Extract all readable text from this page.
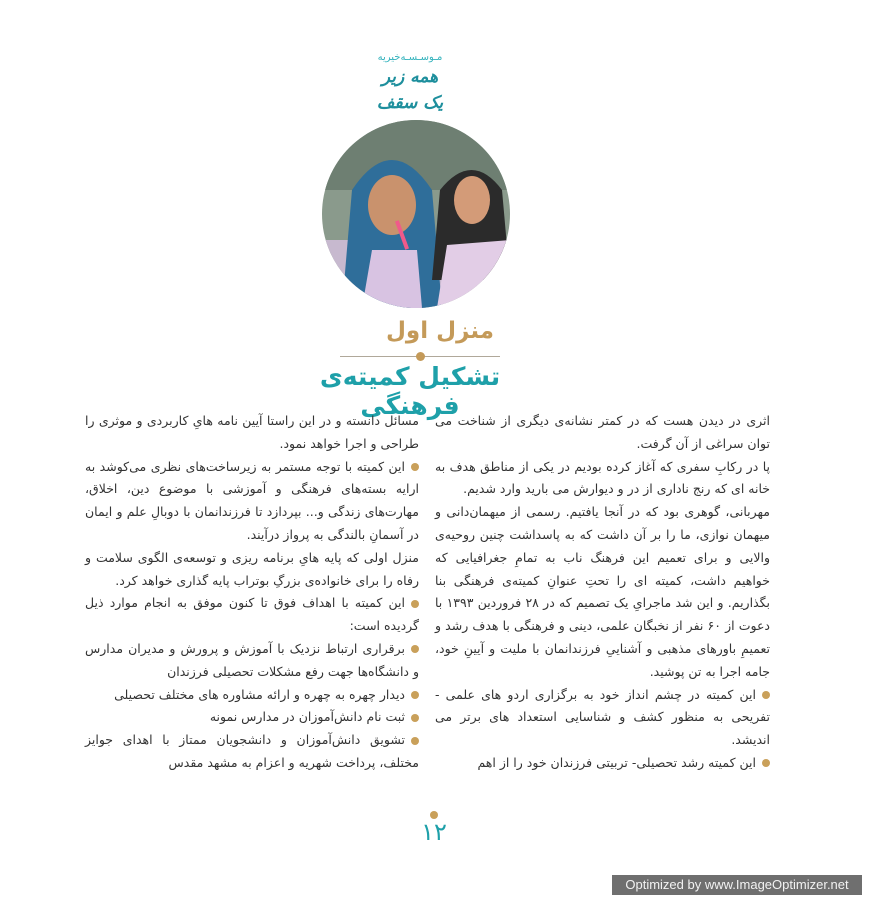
مـوسـسـه‌خیریه
همه زیر یک سقف
منزل اول
تشکیل کمیته‌ی فرهنگی

اثری در دیدن هست که در کمتر نشانه‌ی دیگری از شناخت می توان سراغی از آن گرفت.

پا در رکابِ سفری که آغاز کرده بودیم در یکی از مناطق هدف به خانه ای که رنج ناداری از در و دیوارش می بارید وارد شدیم.

مهربانی، گوهری بود که در آنجا یافتیم. رسمی از میهمان‌دانی و میهمان نوازی، ما را بر آن داشت که به پاسداشت چنین روحیه‌ی والایی و برای تعمیم این فرهنگ ناب به تمامِ جغرافیایی که خواهیم داشت، کمیته ای را تحتِ عنوانِ کمیته‌ی فرهنگی بنا بگذاریم. و این شد ماجرایِ یک تصمیم که در ۲۸ فروردین ۱۳۹۳ با دعوت از ۶۰ نفر از نخبگان علمی، دینی و فرهنگی با هدف رشد و تعمیمِ باورهای مذهبی و آشناییِ فرزندانمان با ملیت و آیینِ خود، جامه اجرا به تن پوشید.

این کمیته در چشم انداز خود به برگزاری اردو های علمی - تفریحی به منظور کشف و شناسایی استعداد های برتر می اندیشد.

این کمیته رشد تحصیلی- تربیتی فرزندان خود را از اهم

مسائل دانسته و در این راستا آیین نامه هایِ کاربردی و موثری را طراحی و اجرا خواهد نمود.

این کمیته با توجه مستمر به زیرساخت‌های نظری می‌کوشد به ارایه بسته‌های فرهنگی و آموزشی با موضوع دین، اخلاق، مهارت‌های زندگی و... بپردازد تا فرزندانمان با دوبالِ علم و ایمان در آسمانِ بالندگی به پرواز درآیند.

منزل اولی که پایه هایِ برنامه ریزی و توسعه‌ی الگوی سلامت و رفاه را برای خانواده‌ی بزرگِ بوتراب پایه گذاری خواهد کرد.

این کمیته با اهداف فوق تا کنون موفق به انجام موارد ذیل گردیده است:

برقراری ارتباط نزدیک با آموزش و پرورش و مدیران مدارس و دانشگاه‌ها جهت رفع مشکلات تحصیلی فرزندان

دیدار چهره به چهره و ارائه مشاوره های مختلف تحصیلی

ثبت نام دانش‌آموزان در مدارس نمونه

تشویق دانش‌آموزان و دانشجویان ممتاز با اهدای جوایز مختلف، پرداخت شهریه و اعزام به مشهد مقدس

۱۲
Optimized by www.ImageOptimizer.net
